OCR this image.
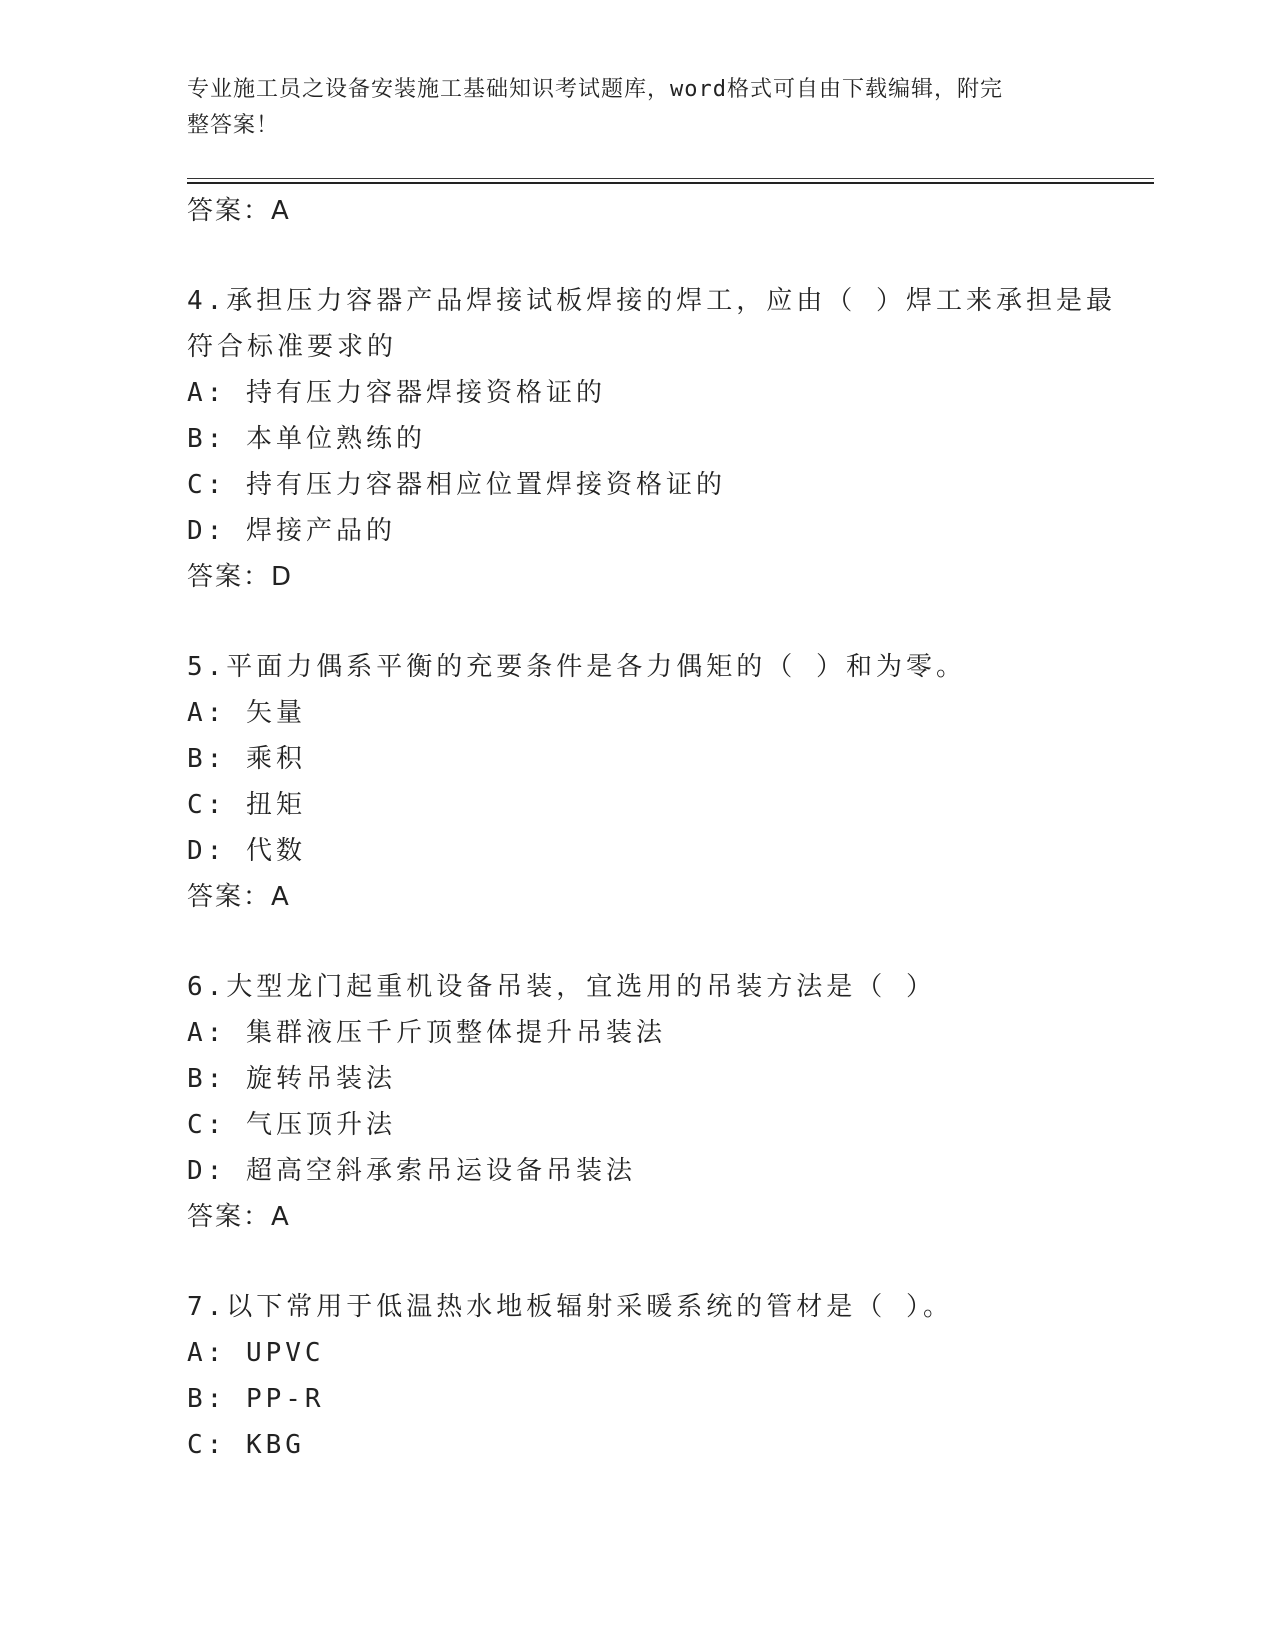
专业施工员之设备安装施工基础知识考试题库，word格式可自由下载编辑，附完
整答案！
答案：A
4.承担压力容器产品焊接试板焊接的焊工，应由（ ）焊工来承担是最
符合标准要求的
A: 持有压力容器焊接资格证的
B: 本单位熟练的
C: 持有压力容器相应位置焊接资格证的
D: 焊接产品的
答案：D
5.平面力偶系平衡的充要条件是各力偶矩的（ ）和为零。
A: 矢量
B: 乘积
C: 扭矩
D: 代数
答案：A
6.大型龙门起重机设备吊装，宜选用的吊装方法是（ ）
A: 集群液压千斤顶整体提升吊装法
B: 旋转吊装法
C: 气压顶升法
D: 超高空斜承索吊运设备吊装法
答案：A
7.以下常用于低温热水地板辐射采暖系统的管材是（ ）。
A: UPVC
B: PP-R
C: KBG
